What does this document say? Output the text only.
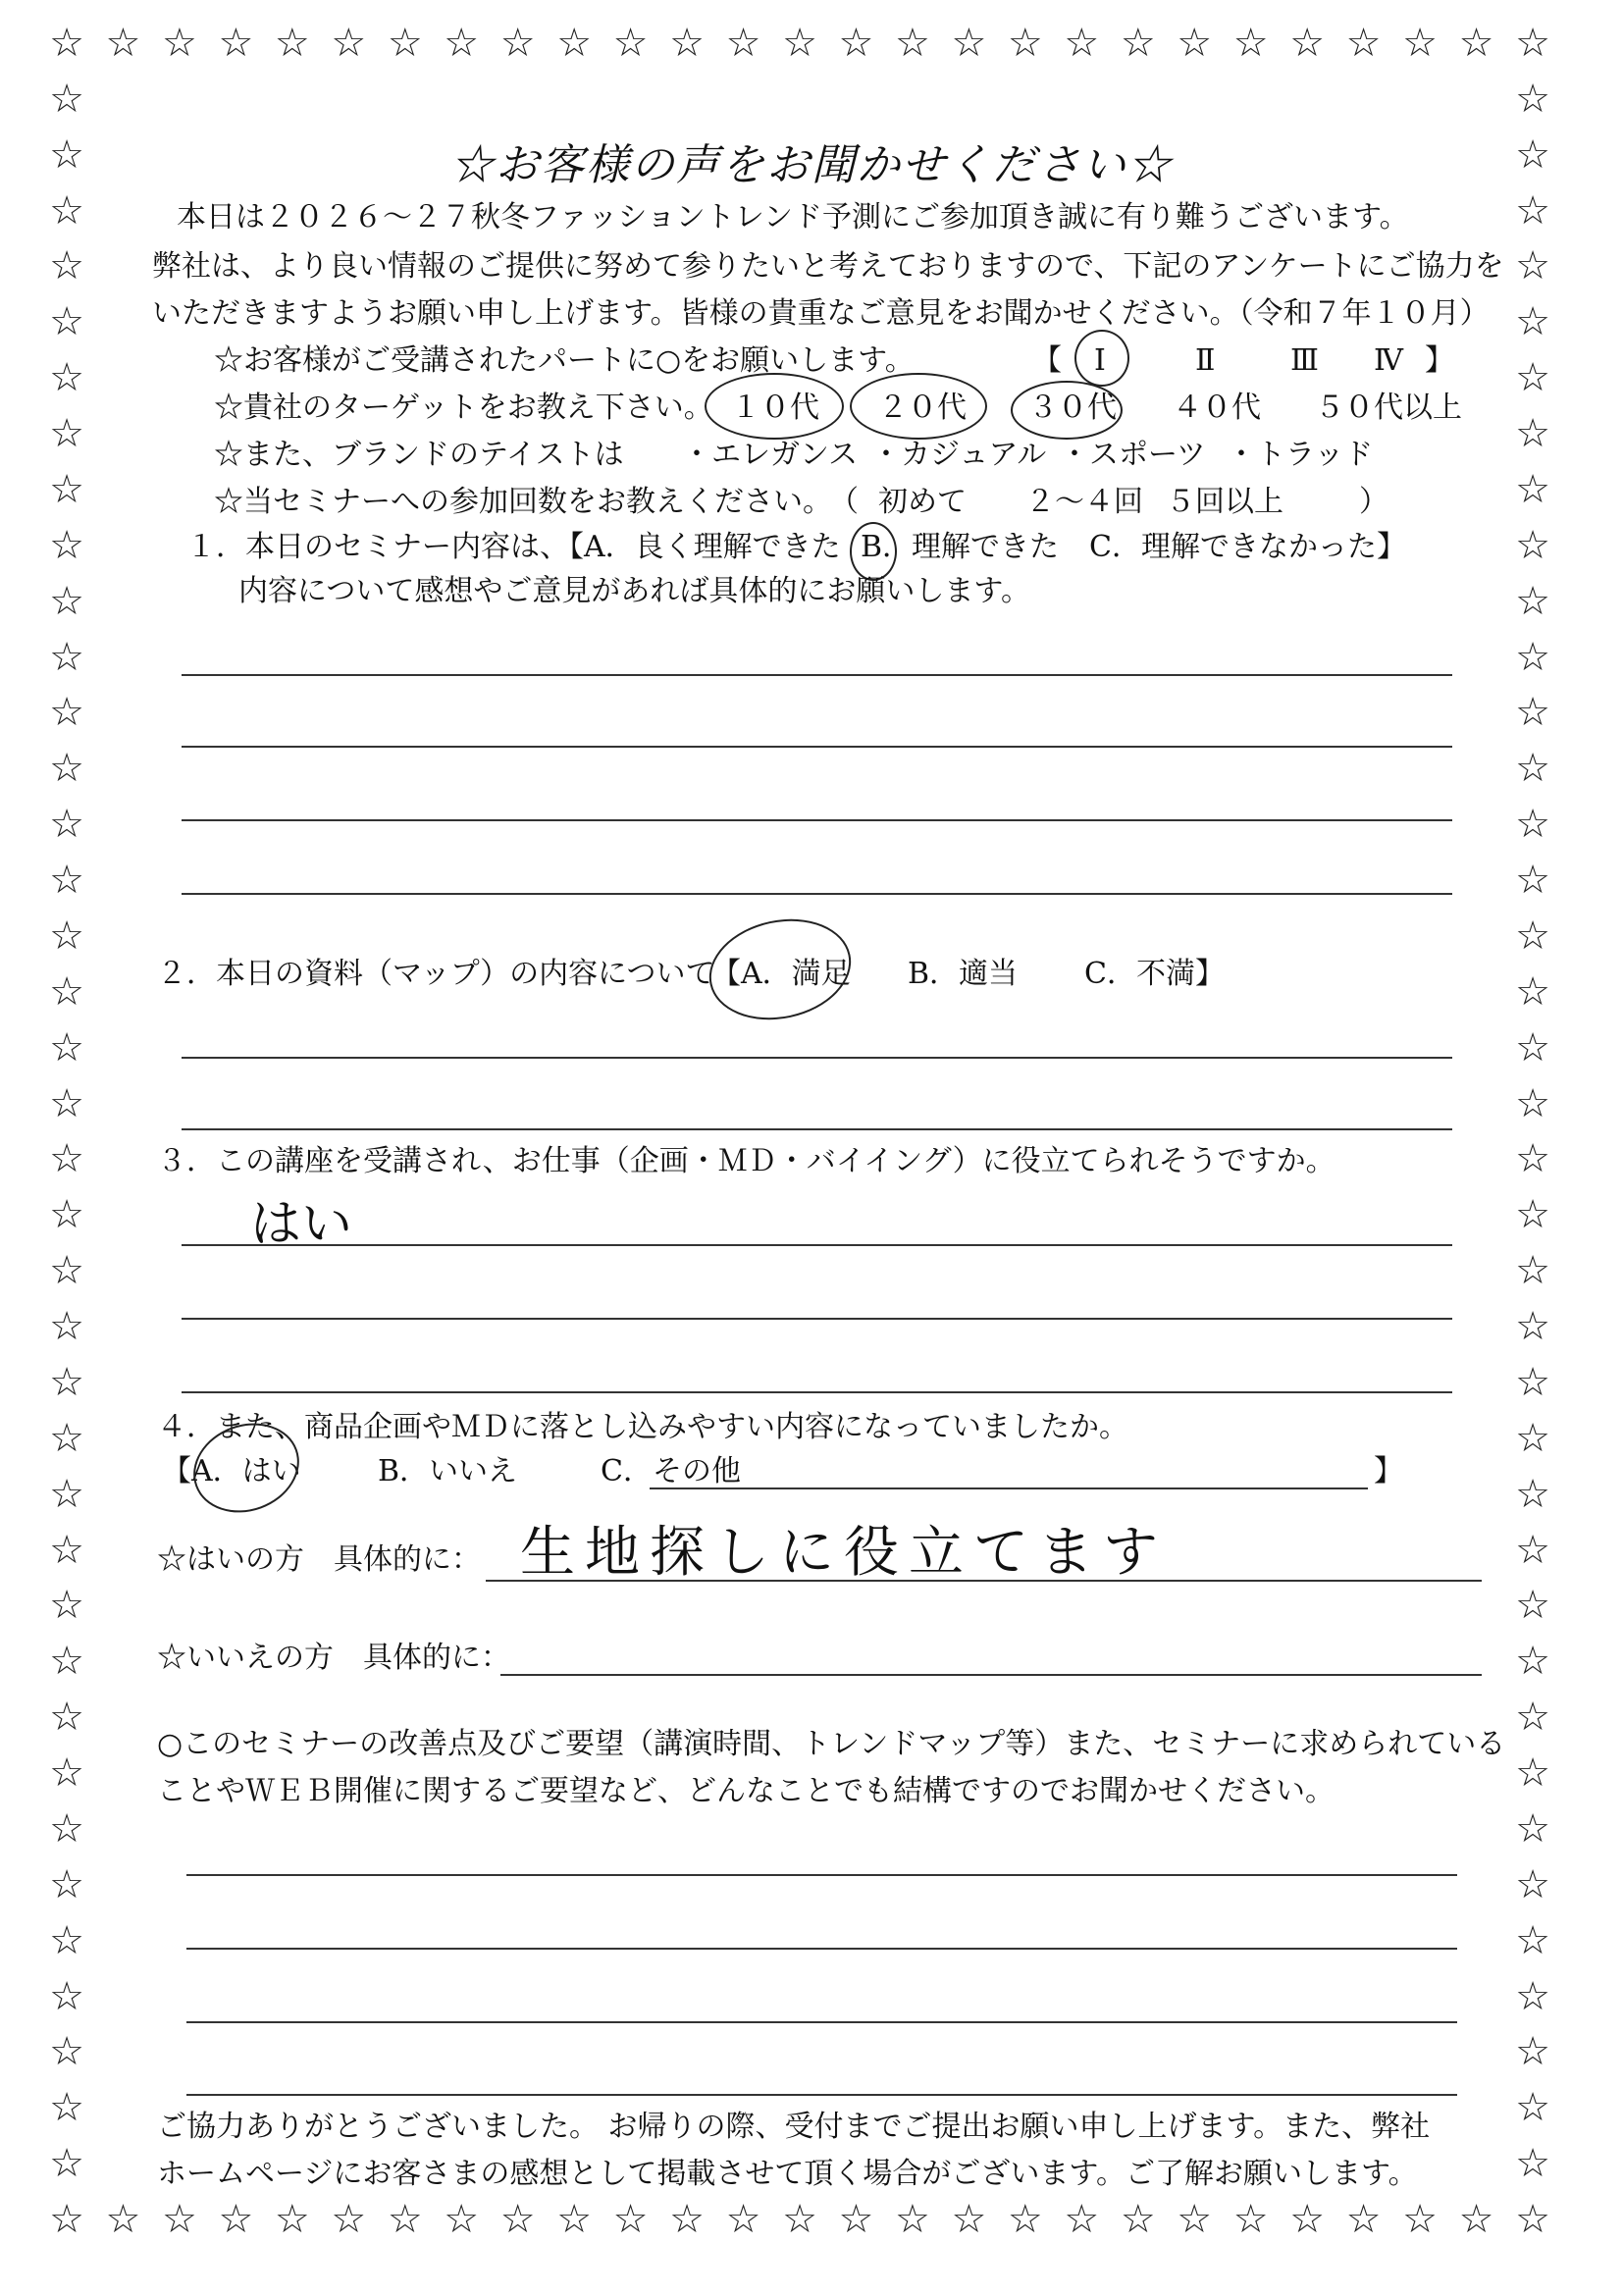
☆
☆
☆
☆
☆
☆
☆
☆
☆
☆
☆
☆
☆
☆
☆
☆
☆
☆
☆
☆
☆
☆
☆
☆
☆
☆
☆
☆
☆
☆
☆
☆
☆
☆
☆
☆
☆
☆
☆
☆
☆
☆
☆
☆
☆
☆
☆
☆
☆
☆
☆
☆
☆
☆
☆	☆
☆	☆
☆	☆
☆	☆
☆	☆
☆	☆
☆	☆
☆	☆
☆	☆
☆	☆
☆	☆
☆	☆
☆	☆
☆	☆
☆	☆
☆	☆
☆	☆
☆	☆
☆	☆
☆	☆
☆	☆
☆	☆
☆	☆
☆	☆
☆	☆
☆	☆
☆	☆
☆	☆
☆	☆
☆	☆
☆	☆
☆	☆
☆	☆
☆	☆
☆	☆
☆	☆
☆	☆
☆	☆
☆お客様の声をお聞かせください☆
本日は２０２６～２７秋冬ファッショントレンド予測にご参加頂き誠に有り難うございます。
弊社は、より良い情報のご提供に努めて参りたいと考えておりますので、下記のアンケートにご協力を
いただきますようお願い申し上げます。皆様の貴重なご意見をお聞かせください。（令和７年１０月）
☆お客様がご受講されたパートに○をお願いします。	【 Ⅰ	Ⅱ	Ⅲ Ⅳ 】
☆貴社のターゲットをお教え下さい。 １０代 ２０代 ３０代 ４０代 ５０代以上
☆また、ブランドのテイストは ・エレガンス ・カジュアル ・スポーツ ・トラッド
☆当セミナーへの参加回数をお教えください。
（ 初めて ２～４回 ５回以上	）
１．本日のセミナー内容は、【A．良く理解できた B．理解できた C．理解できなかった】
内容について感想やご意見があれば具体的にお願いします。
２．本日の資料（マップ）の内容について
【A．満足 B．適当 C．不満】
３．この講座を受講され、お仕事（企画・ＭＤ・バイイング）に役立てられそうですか。
はい
４．また、商品企画やＭＤに落とし込みやすい内容になっていましたか。
【A．はい	B．いいえ	C．その他	】
☆はいの方　具体的に： 生地探しに役立てます
☆いいえの方　具体的に：
○このセミナーの改善点及びご要望（講演時間、トレンドマップ等）また、セミナーに求められている
ことやＷＥＢ開催に関するご要望など、どんなことでも結構ですのでお聞かせください。
ご協力ありがとうございました。 お帰りの際、受付までご提出お願い申し上げます。また、弊社
ホームページにお客さまの感想として掲載させて頂く場合がございます。ご了解お願いします。
